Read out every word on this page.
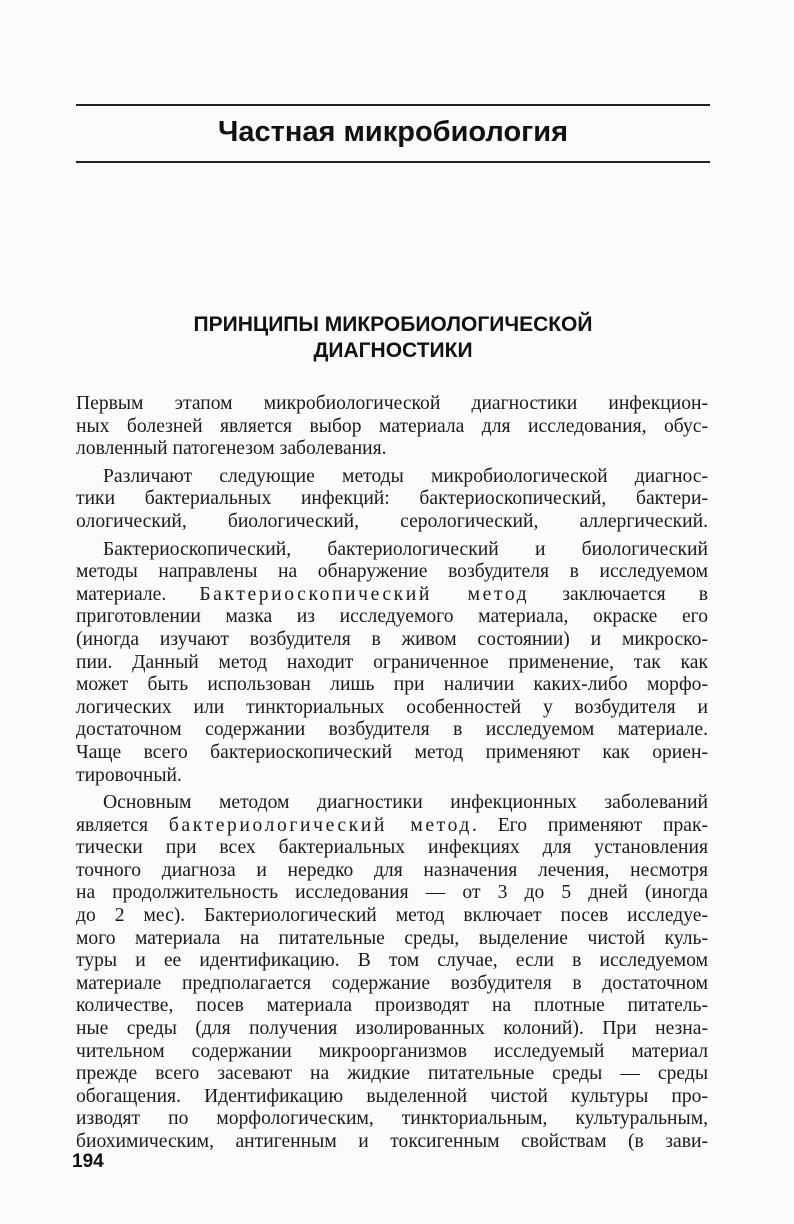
Частная микробиология
ПРИНЦИПЫ МИКРОБИОЛОГИЧЕСКОЙ
ДИАГНОСТИКИ

Первым этапом микробиологической диагностики инфекцион-
ных болезней является выбор материала для исследования, обус-
ловленный патогенезом заболевания.

Различают следующие методы микробиологической диагнос-
тики бактериальных инфекций: бактериоскопический, бактери-
ологический, биологический, серологический, аллергический.

Бактериоскопический, бактериологический и биологический
методы направлены на обнаружение возбудителя в исследуемом
материале. Бактериоскопический метод заключается в
приготовлении мазка из исследуемого материала, окраске его
(иногда изучают возбудителя в живом состоянии) и микроско-
пии. Данный метод находит ограниченное применение, так как
может быть использован лишь при наличии каких-либо морфо-
логических или тинкториальных особенностей у возбудителя и
достаточном содержании возбудителя в исследуемом материале.
Чаще всего бактериоскопический метод применяют как ориен-
тировочный.

Основным методом диагностики инфекционных заболеваний
является бактериологический метод. Его применяют прак-
тически при всех бактериальных инфекциях для установления
точного диагноза и нередко для назначения лечения, несмотря
на продолжительность исследования — от 3 до 5 дней (иногда
до 2 мес). Бактериологический метод включает посев исследуе-
мого материала на питательные среды, выделение чистой куль-
туры и ее идентификацию. В том случае, если в исследуемом
материале предполагается содержание возбудителя в достаточном
количестве, посев материала производят на плотные питатель-
ные среды (для получения изолированных колоний). При незна-
чительном содержании микроорганизмов исследуемый материал
прежде всего засевают на жидкие питательные среды — среды
обогащения. Идентификацию выделенной чистой культуры про-
изводят по морфологическим, тинкториальным, культуральным,
биохимическим, антигенным и токсигенным свойствам (в зави-

194
